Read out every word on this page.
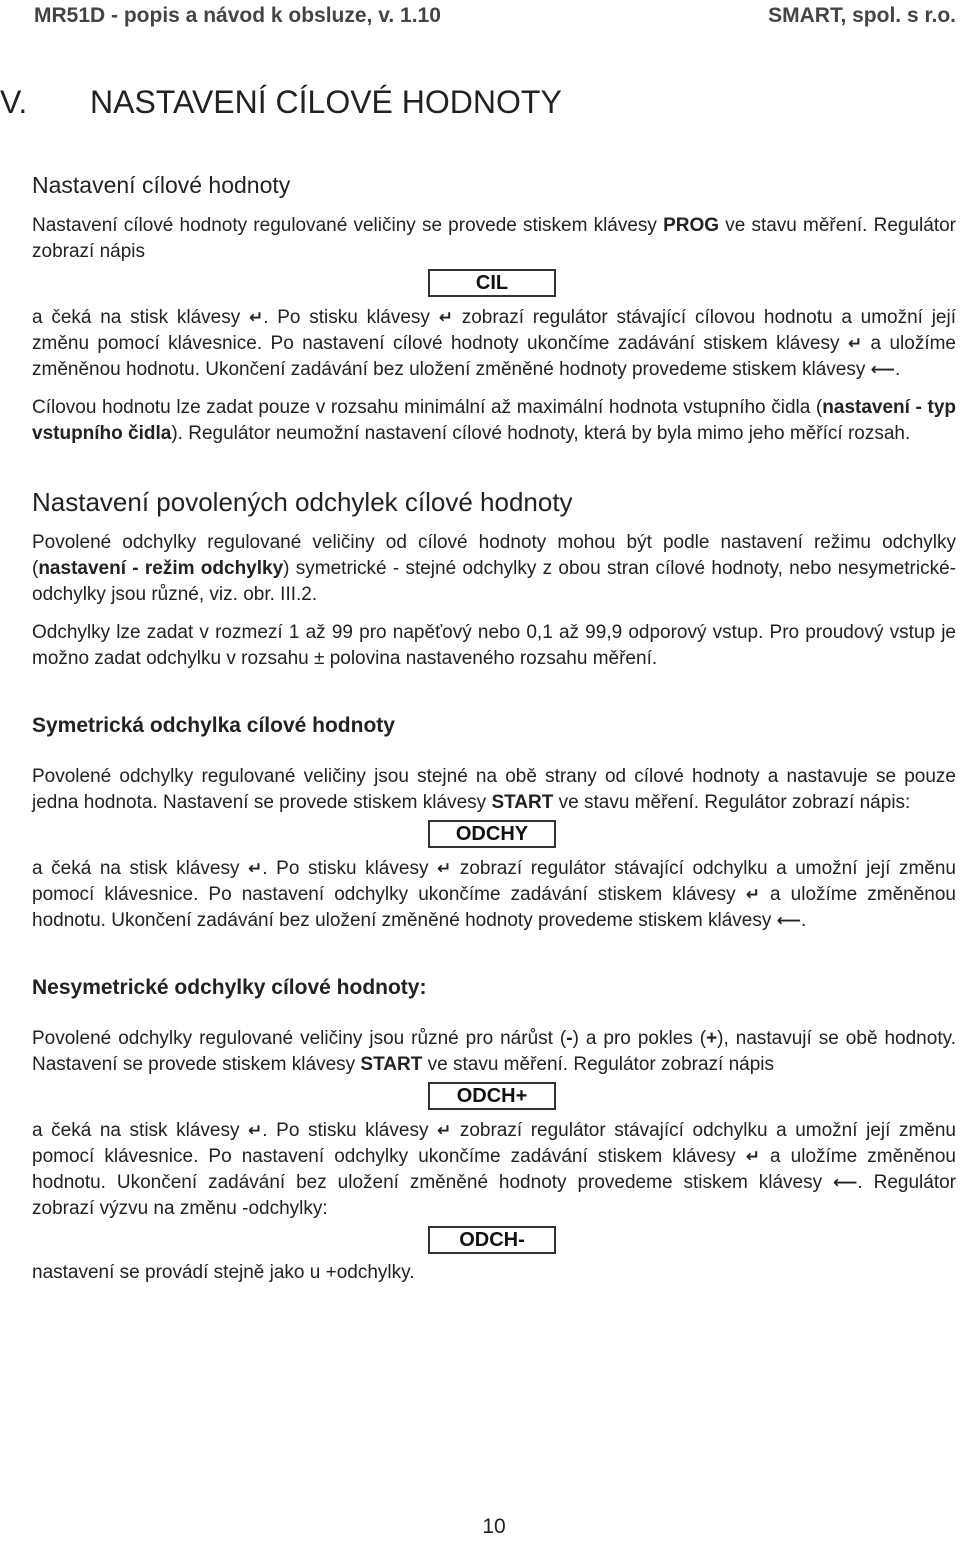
MR51D - popis a návod k obsluze, v. 1.10	SMART, spol. s r.o.
V. NASTAVENÍ CÍLOVÉ HODNOTY
Nastavení cílové hodnoty

Nastavení cílové hodnoty regulované veličiny se provede stiskem klávesy PROG ve stavu měření. Regulátor zobrazí nápis

CIL

a čeká na stisk klávesy ↵. Po stisku klávesy ↵ zobrazí regulátor stávající cílovou hodnotu a umožní její změnu pomocí klávesnice. Po nastavení cílové hodnoty ukončíme zadávání stiskem klávesy ↵ a uložíme změněnou hodnotu. Ukončení zadávání bez uložení změněné hodnoty provedeme stiskem klávesy ⟵.

Cílovou hodnotu lze zadat pouze v rozsahu minimální až maximální hodnota vstupního čidla (nastavení - typ vstupního čidla). Regulátor neumožní nastavení cílové hodnoty, která by byla mimo jeho měřící rozsah.

Nastavení povolených odchylek cílové hodnoty

Povolené odchylky regulované veličiny od cílové hodnoty mohou být podle nastavení režimu odchylky (nastavení - režim odchylky) symetrické - stejné odchylky z obou stran cílové hodnoty, nebo nesymetrické- odchylky jsou různé, viz. obr. III.2.

Odchylky lze zadat v rozmezí 1 až 99 pro napěťový nebo 0,1 až 99,9 odporový vstup. Pro proudový vstup je možno zadat odchylku v rozsahu ± polovina nastaveného rozsahu měření.

Symetrická odchylka cílové hodnoty

Povolené odchylky regulované veličiny jsou stejné na obě strany od cílové hodnoty a nastavuje se pouze jedna hodnota. Nastavení se provede stiskem klávesy START ve stavu měření. Regulátor zobrazí nápis:

ODCHY

a čeká na stisk klávesy ↵. Po stisku klávesy ↵ zobrazí regulátor stávající odchylku a umožní její změnu pomocí klávesnice. Po nastavení odchylky ukončíme zadávání stiskem klávesy ↵ a uložíme změněnou hodnotu. Ukončení zadávání bez uložení změněné hodnoty provedeme stiskem klávesy ⟵.

Nesymetrické odchylky cílové hodnoty:

Povolené odchylky regulované veličiny jsou různé pro nárůst (-) a pro pokles (+), nastavují se obě hodnoty. Nastavení se provede stiskem klávesy START ve stavu měření. Regulátor zobrazí nápis

ODCH+

a čeká na stisk klávesy ↵. Po stisku klávesy ↵ zobrazí regulátor stávající odchylku a umožní její změnu pomocí klávesnice. Po nastavení odchylky ukončíme zadávání stiskem klávesy ↵ a uložíme změněnou hodnotu. Ukončení zadávání bez uložení změněné hodnoty provedeme stiskem klávesy ⟵. Regulátor zobrazí výzvu na změnu -odchylky:

ODCH-

nastavení se provádí stejně jako u +odchylky.

10
